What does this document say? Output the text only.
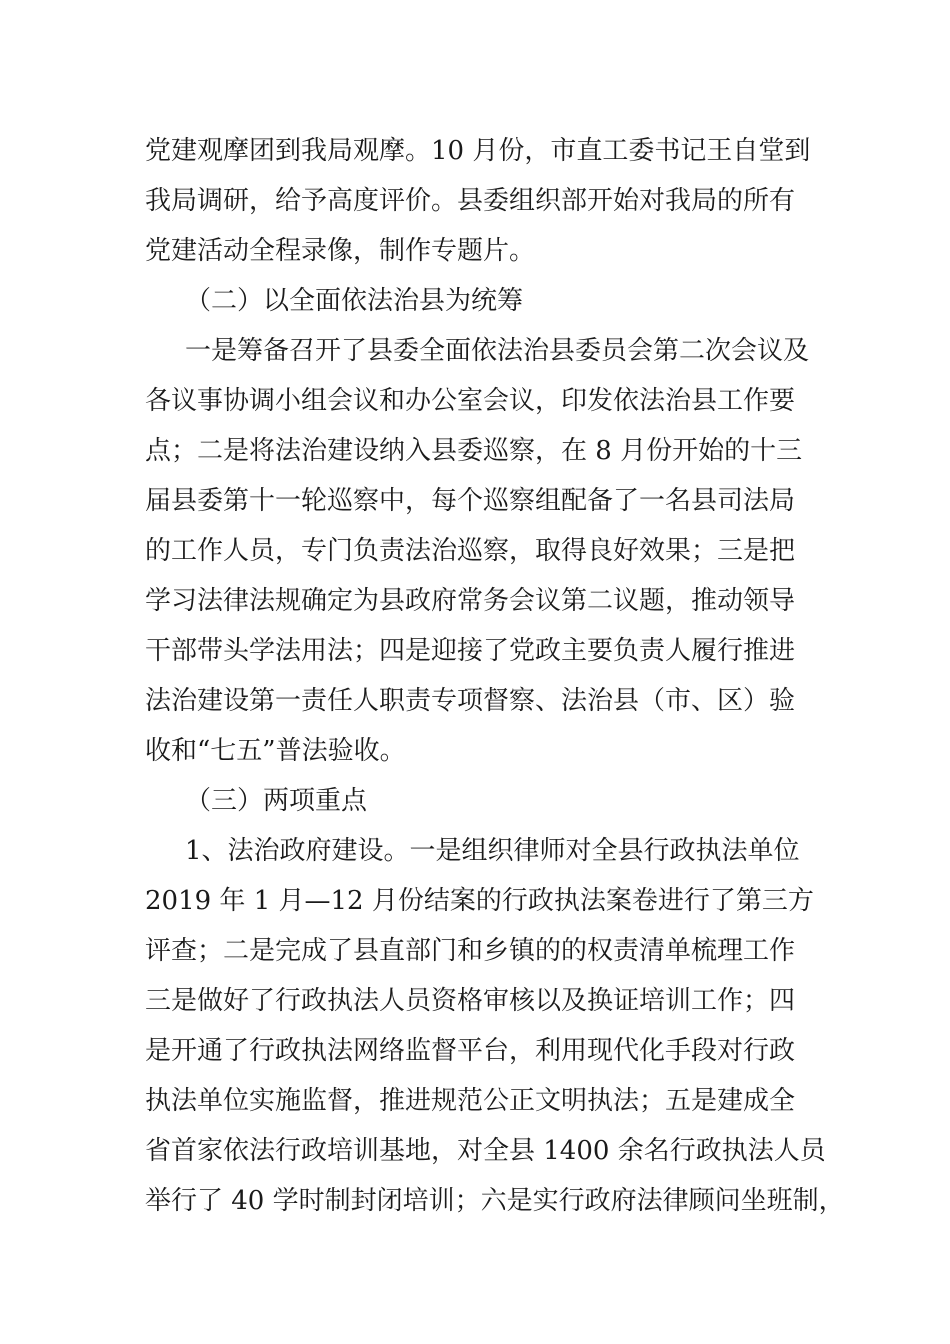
党建观摩团到我局观摩。10 月份，市直工委书记王自堂到
我局调研，给予高度评价。县委组织部开始对我局的所有
党建活动全程录像，制作专题片。
（二）以全面依法治县为统筹
一是筹备召开了县委全面依法治县委员会第二次会议及
各议事协调小组会议和办公室会议，印发依法治县工作要
点；二是将法治建设纳入县委巡察，在 8 月份开始的十三
届县委第十一轮巡察中，每个巡察组配备了一名县司法局
的工作人员，专门负责法治巡察，取得良好效果；三是把
学习法律法规确定为县政府常务会议第二议题，推动领导
干部带头学法用法；四是迎接了党政主要负责人履行推进
法治建设第一责任人职责专项督察、法治县（市、区）验
收和“七五”普法验收。
（三）两项重点
1、法治政府建设。一是组织律师对全县行政执法单位
2019 年 1 月—12 月份结案的行政执法案卷进行了第三方
评查；二是完成了县直部门和乡镇的的权责清单梳理工作
三是做好了行政执法人员资格审核以及换证培训工作；四
是开通了行政执法网络监督平台，利用现代化手段对行政
执法单位实施监督，推进规范公正文明执法；五是建成全
省首家依法行政培训基地，对全县 1400 余名行政执法人员
举行了 40 学时制封闭培训；六是实行政府法律顾问坐班制，
